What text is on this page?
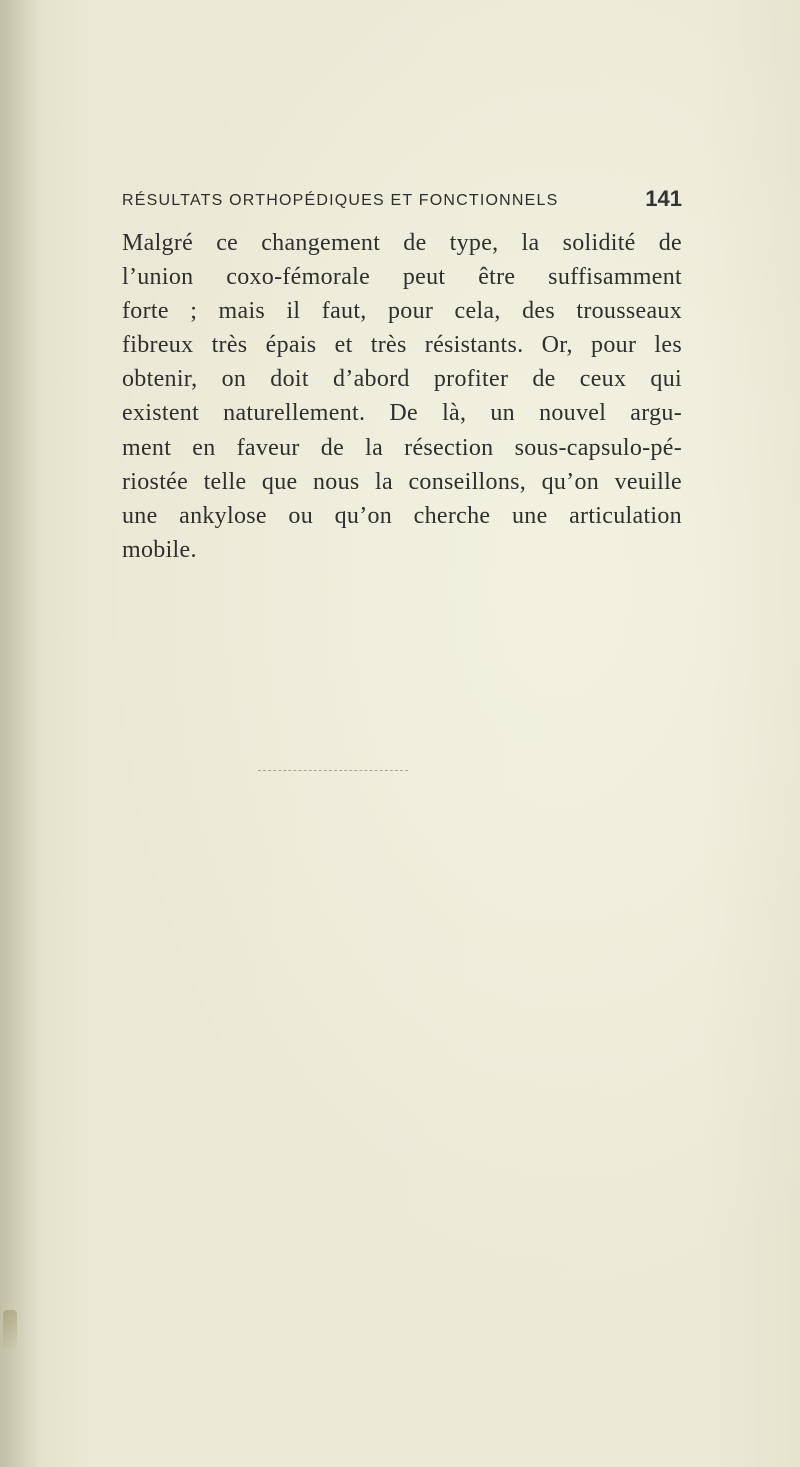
RÉSULTATS ORTHOPÉDIQUES ET FONCTIONNELS	141
Malgré ce changement de type, la solidité de
l’union coxo-fémorale peut être suffisamment
forte ; mais il faut, pour cela, des trousseaux
fibreux très épais et très résistants. Or, pour les
obtenir, on doit d’abord profiter de ceux qui
existent naturellement. De là, un nouvel argu-
ment en faveur de la résection sous-capsulo-pé-
riostée telle que nous la conseillons, qu’on veuille
une ankylose ou qu’on cherche une articulation
mobile.
